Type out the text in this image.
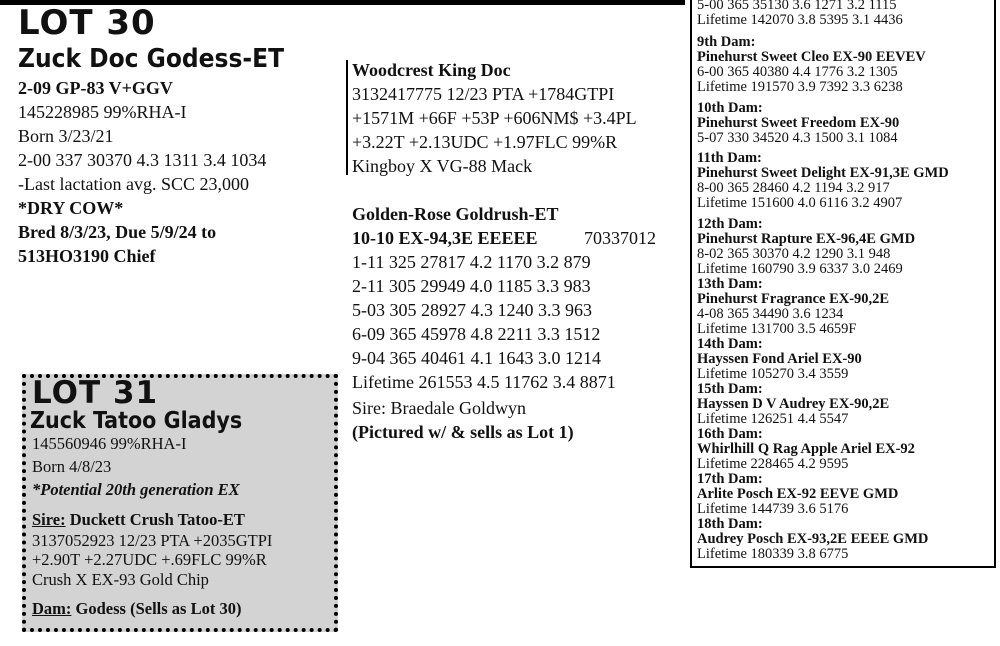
LOT 30
Zuck Doc Godess-ET
2-09 GP-83 V+GGV
145228985 99%RHA-I
Born 3/23/21
2-00 337 30370 4.3 1311 3.4 1034
-Last lactation avg. SCC 23,000
*DRY COW*
Bred 8/3/23, Due 5/9/24 to
513HO3190 Chief
Woodcrest King Doc
3132417775 12/23 PTA +1784GTPI
+1571M +66F +53P +606NM$ +3.4PL
+3.22T +2.13UDC +1.97FLC 99%R
Kingboy X VG-88 Mack
Golden-Rose Goldrush-ET
10-10 EX-94,3E EEEEE	70337012
1-11 325 27817 4.2 1170 3.2 879
2-11 305 29949 4.0 1185 3.3 983
5-03 305 28927 4.3 1240 3.3 963
6-09 365 45978 4.8 2211 3.3 1512
9-04 365 40461 4.1 1643 3.0 1214
Lifetime 261553 4.5 11762 3.4 8871
Sire: Braedale Goldwyn
(Pictured w/ & sells as Lot 1)
LOT 31
Zuck Tatoo Gladys
145560946 99%RHA-I
Born 4/8/23
*Potential 20th generation EX
Sire: Duckett Crush Tatoo-ET
3137052923 12/23 PTA +2035GTPI
+2.90T +2.27UDC +.69FLC 99%R
Crush X EX-93 Gold Chip
Dam: Godess (Sells as Lot 30)
5-00 365 35130 3.6 1271 3.2 1115
Lifetime 142070 3.8 5395 3.1 4436
9th Dam:
Pinehurst Sweet Cleo EX-90 EEVEV
6-00 365 40380 4.4 1776 3.2 1305
Lifetime 191570 3.9 7392 3.3 6238
10th Dam:
Pinehurst Sweet Freedom EX-90
5-07 330 34520 4.3 1500 3.1 1084
11th Dam:
Pinehurst Sweet Delight EX-91,3E GMD
8-00 365 28460 4.2 1194 3.2 917
Lifetime 151600 4.0 6116 3.2 4907
12th Dam:
Pinehurst Rapture EX-96,4E GMD
8-02 365 30370 4.2 1290 3.1 948
Lifetime 160790 3.9 6337 3.0 2469
13th Dam:
Pinehurst Fragrance EX-90,2E
4-08 365 34490 3.6 1234
Lifetime 131700 3.5 4659F
14th Dam:
Hayssen Fond Ariel EX-90
Lifetime 105270 3.4 3559
15th Dam:
Hayssen D V Audrey EX-90,2E
Lifetime 126251 4.4 5547
16th Dam:
Whirlhill Q Rag Apple Ariel EX-92
Lifetime 228465 4.2 9595
17th Dam:
Arlite Posch EX-92 EEVE GMD
Lifetime 144739 3.6 5176
18th Dam:
Audrey Posch EX-93,2E EEEE GMD
Lifetime 180339 3.8 6775
